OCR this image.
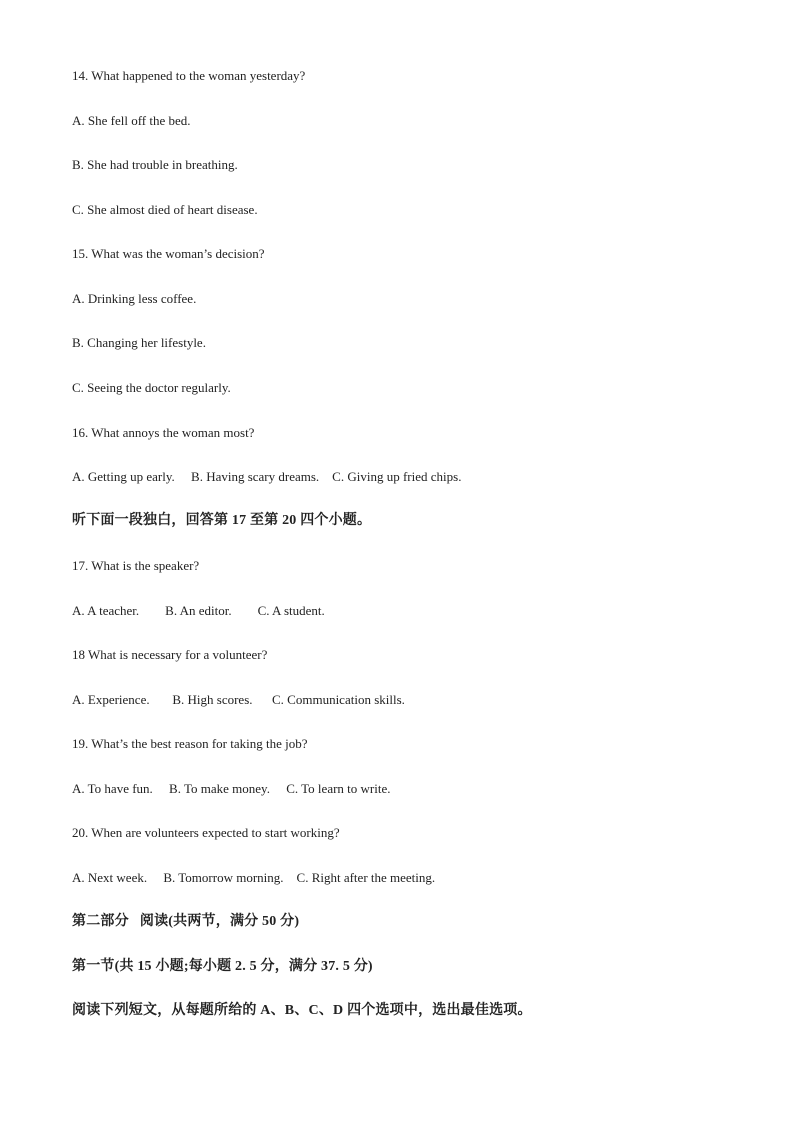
14. What happened to the woman yesterday?
A. She fell off the bed.
B. She had trouble in breathing.
C. She almost died of heart disease.
15. What was the woman’s decision?
A. Drinking less coffee.
B. Changing her lifestyle.
C. Seeing the doctor regularly.
16. What annoys the woman most?
A. Getting up early.     B. Having scary dreams.    C. Giving up fried chips.
听下面一段独白，回答第 17 至第 20 四个小题。
17. What is the speaker?
A. A teacher.        B. An editor.        C. A student.
18 What is necessary for a volunteer?
A. Experience.       B. High scores.      C. Communication skills.
19. What’s the best reason for taking the job?
A. To have fun.     B. To make money.     C. To learn to write.
20. When are volunteers expected to start working?
A. Next week.     B. Tomorrow morning.    C. Right after the meeting.
第二部分   阅读(共两节，满分 50 分)
第一节(共 15 小题;每小题 2. 5 分，满分 37. 5 分)
阅读下列短文，从每题所给的 A、B、C、D 四个选项中，选出最佳选项。
